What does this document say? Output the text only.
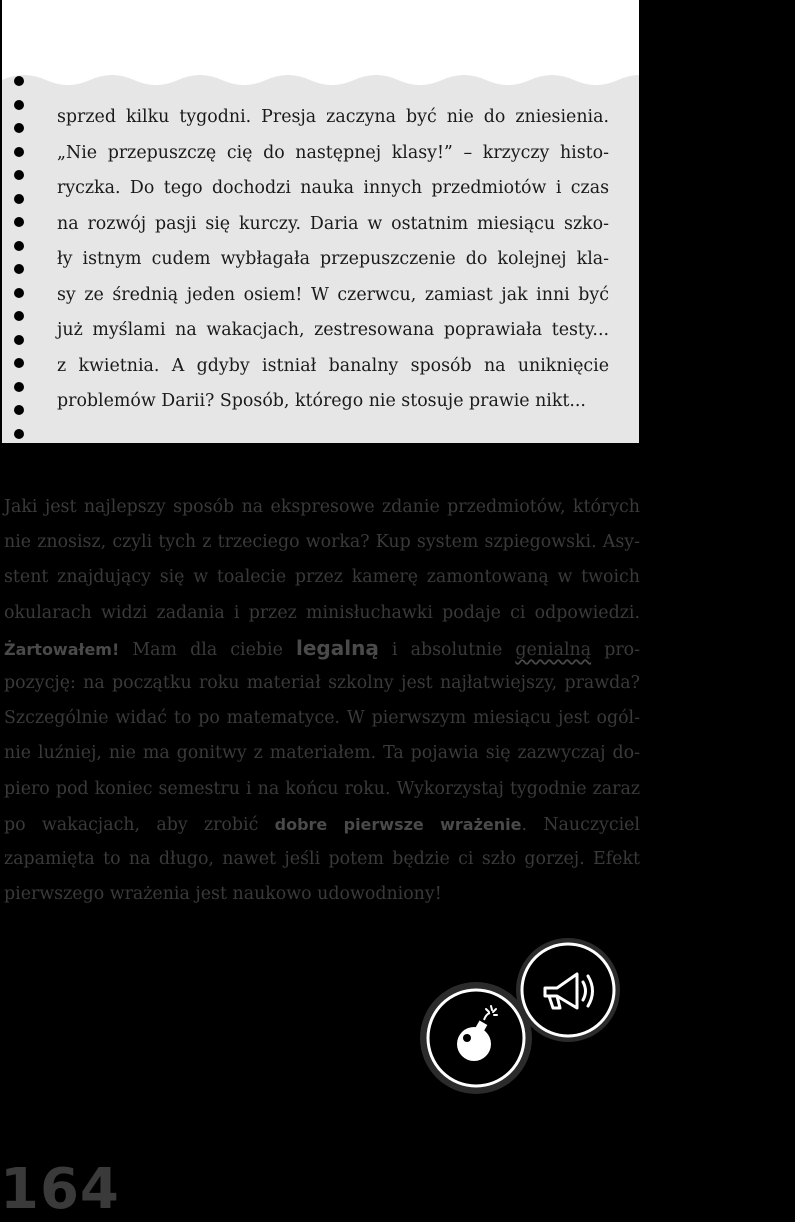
sprzed kilku tygodni. Presja zaczyna być nie do zniesienia.
„Nie przepuszczę cię do następnej klasy!” – krzyczy histo-
ryczka. Do tego dochodzi nauka innych przedmiotów i czas
na rozwój pasji się kurczy. Daria w ostatnim miesiącu szko-
ły istnym cudem wybłagała przepuszczenie do kolejnej kla-
sy ze średnią jeden osiem! W czerwcu, zamiast jak inni być
już myślami na wakacjach, zestresowana poprawiała testy...
z kwietnia. A gdyby istniał banalny sposób na uniknięcie
problemów Darii? Sposób, którego nie stosuje prawie nikt...
Jaki jest najlepszy sposób na ekspresowe zdanie przedmiotów, których
nie znosisz, czyli tych z trzeciego worka? Kup system szpiegowski. Asy-
stent znajdujący się w toalecie przez kamerę zamontowaną w twoich
okularach widzi zadania i przez minisłuchawki podaje ci odpowiedzi.
Żartowałem! Mam dla ciebie legalną i absolutnie genialną pro-
pozycję: na początku roku materiał szkolny jest najłatwiejszy, prawda?
Szczególnie widać to po matematyce. W pierwszym miesiącu jest ogól-
nie luźniej, nie ma gonitwy z materiałem. Ta pojawia się zazwyczaj do-
piero pod koniec semestru i na końcu roku. Wykorzystaj tygodnie zaraz
po wakacjach, aby zrobić dobre pierwsze wrażenie. Nauczyciel
zapamięta to na długo, nawet jeśli potem będzie ci szło gorzej. Efekt
pierwszego wrażenia jest naukowo udowodniony!
164
